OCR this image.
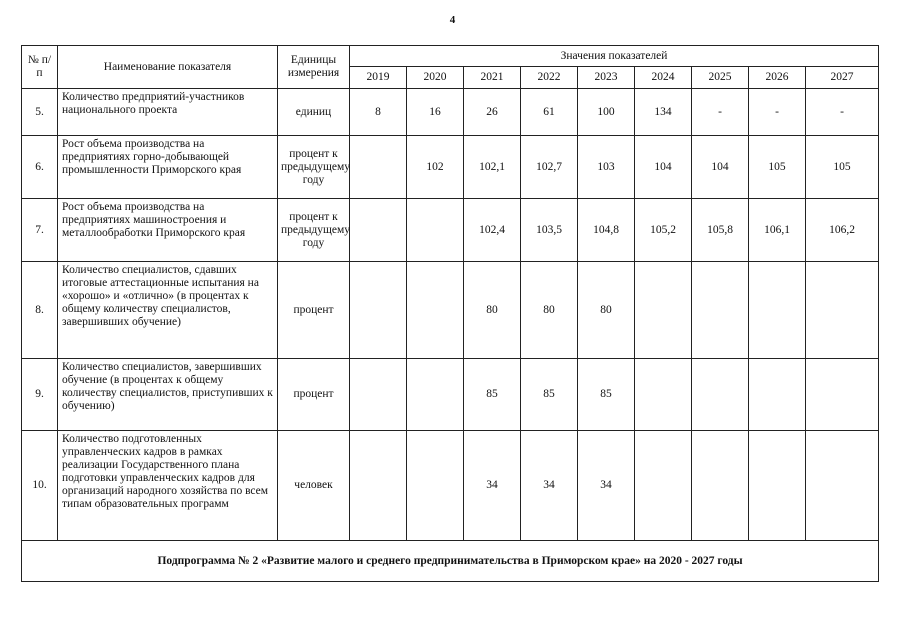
4
№ п/п	Наименование показателя	Единицы измерения	Значения показателей								
			2019	2020	2021	2022	2023	2024	2025	2026	2027
5.	Количество предприятий-участников национального проекта	единиц	8	16	26	61	100	134	-	-	-
6.	Рост объема производства на предприятиях горно-добывающей промышленности Приморского края	процент к предыдущему году		102	102,1	102,7	103	104	104	105	105
7.	Рост объема производства на предприятиях машиностроения и металлообработки Приморского края	процент к предыдущему году			102,4	103,5	104,8	105,2	105,8	106,1	106,2
8.	Количество специалистов, сдавших итоговые аттестационные испытания на «хорошо» и «отлично» (в процентах к общему количеству специалистов, завершивших обучение)	процент			80	80	80				
9.	Количество специалистов, завершивших обучение (в процентах к общему количеству специалистов, приступивших к обучению)	процент			85	85	85				
10.	Количество подготовленных управленческих кадров в рамках реализации Государственного плана подготовки управленческих кадров для организаций народного хозяйства по всем типам образовательных программ	человек			34	34	34				
Подпрограмма № 2 «Развитие малого и среднего предпринимательства в Приморском крае» на 2020 - 2027 годы											
